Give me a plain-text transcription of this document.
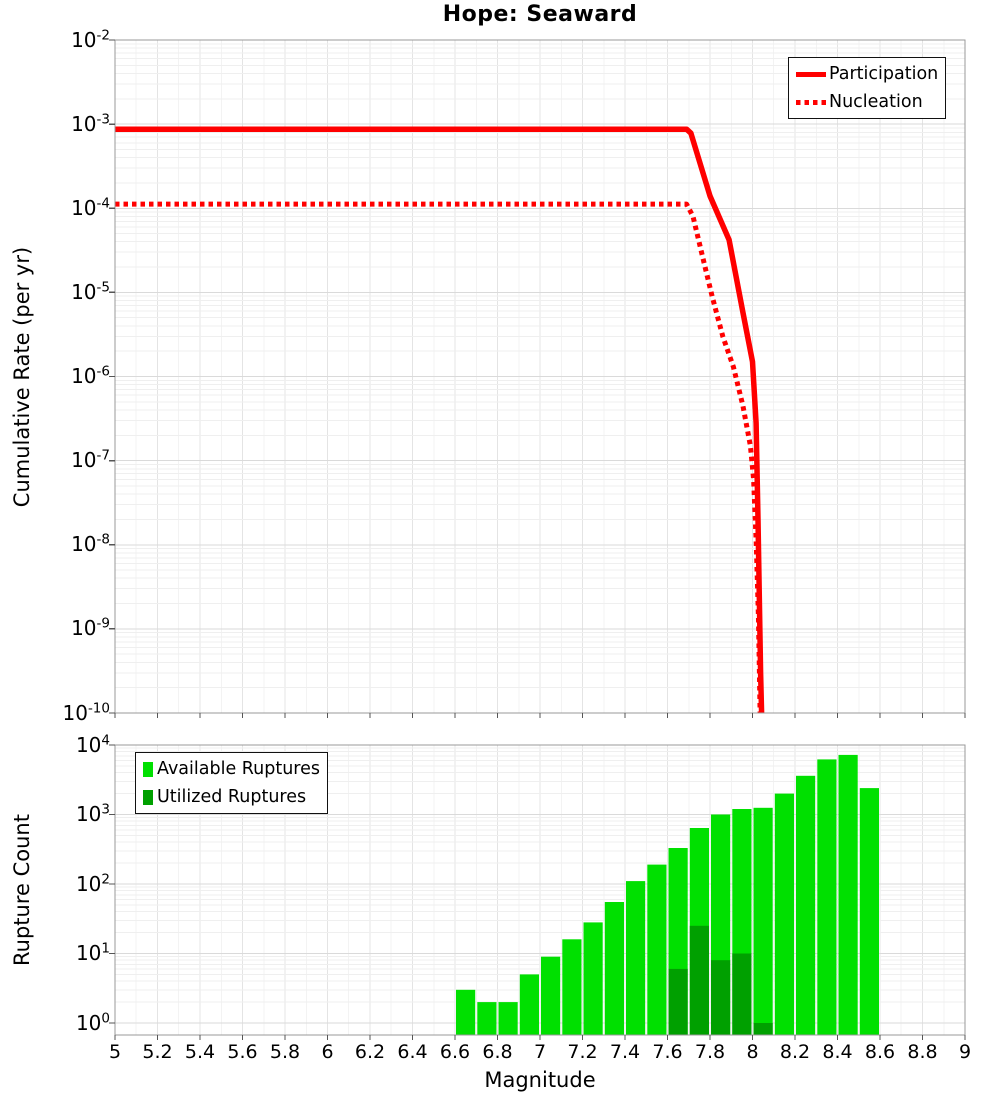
Hope: Seaward
Cumulative Rate (per yr)
Rupture Count
Magnitude
$10^{-2}$
$10^{-3}$
$10^{-4}$
$10^{-5}$
$10^{-6}$
$10^{-7}$
$10^{-8}$
$10^{-9}$
$10^{-10}$
$10^0$
$10^1$
$10^2$
$10^3$
$10^4$
5	5.2 5.4 5.6 5.8	6	6.2 6.4 6.6 6.8	7	7.2 7.4 7.6 7.8	8	8.2 8.4 8.6 8.8	9
Participation
Nucleation
Available Ruptures
Utilized Ruptures
